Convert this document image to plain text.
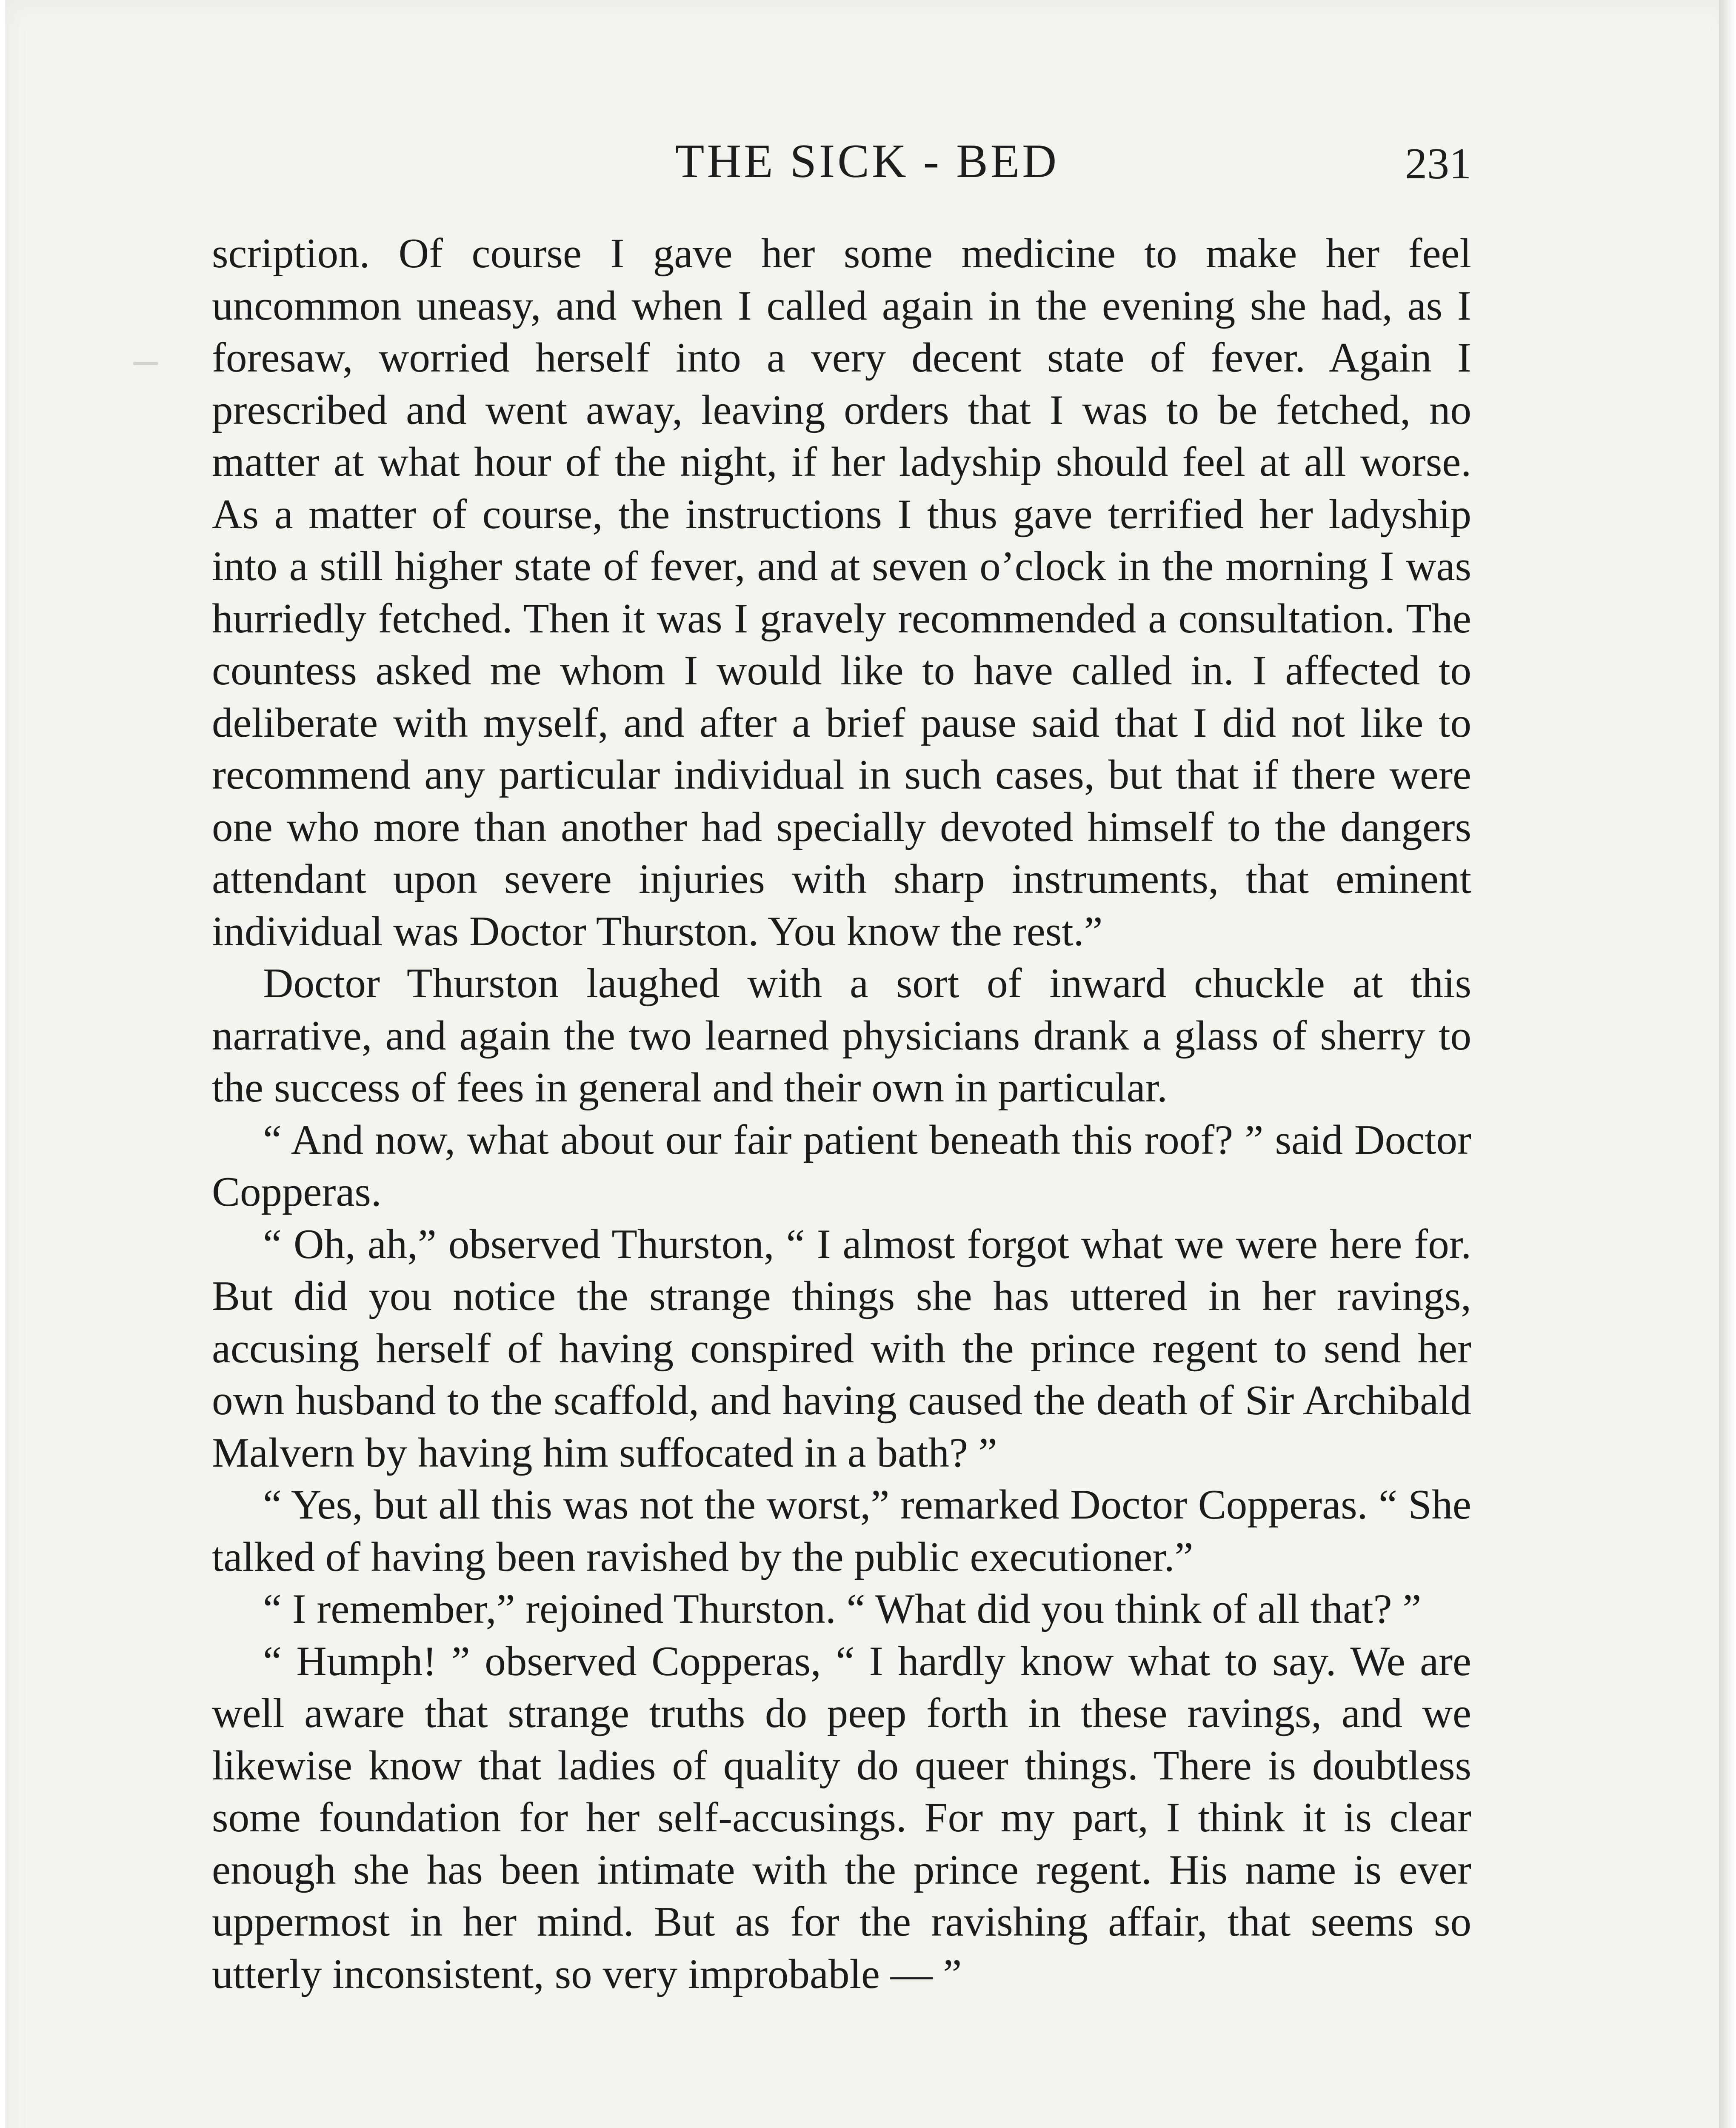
THE SICK - BED	231

scription. Of course I gave her some medicine to make her feel uncommon uneasy, and when I called again in the evening she had, as I foresaw, worried herself into a very decent state of fever. Again I prescribed and went away, leaving orders that I was to be fetched, no matter at what hour of the night, if her ladyship should feel at all worse. As a matter of course, the instructions I thus gave terrified her ladyship into a still higher state of fever, and at seven o’clock in the morning I was hurriedly fetched. Then it was I gravely recommended a consultation. The countess asked me whom I would like to have called in. I affected to deliberate with myself, and after a brief pause said that I did not like to recommend any particular individual in such cases, but that if there were one who more than another had specially devoted himself to the dangers attendant upon severe injuries with sharp instruments, that eminent individual was Doctor Thurston. You know the rest.”

Doctor Thurston laughed with a sort of inward chuckle at this narrative, and again the two learned physicians drank a glass of sherry to the success of fees in general and their own in particular.

“ And now, what about our fair patient beneath this roof? ” said Doctor Copperas.

“ Oh, ah,” observed Thurston, “ I almost forgot what we were here for. But did you notice the strange things she has uttered in her ravings, accusing herself of having conspired with the prince regent to send her own husband to the scaffold, and having caused the death of Sir Archibald Malvern by having him suffocated in a bath? ”

“ Yes, but all this was not the worst,” remarked Doctor Copperas. “ She talked of having been ravished by the public executioner.”

“ I remember,” rejoined Thurston. “ What did you think of all that? ”

“ Humph! ” observed Copperas, “ I hardly know what to say. We are well aware that strange truths do peep forth in these ravings, and we likewise know that ladies of quality do queer things. There is doubtless some foundation for her self-accusings. For my part, I think it is clear enough she has been intimate with the prince regent. His name is ever uppermost in her mind. But as for the ravishing affair, that seems so utterly inconsistent, so very improbable — ”
